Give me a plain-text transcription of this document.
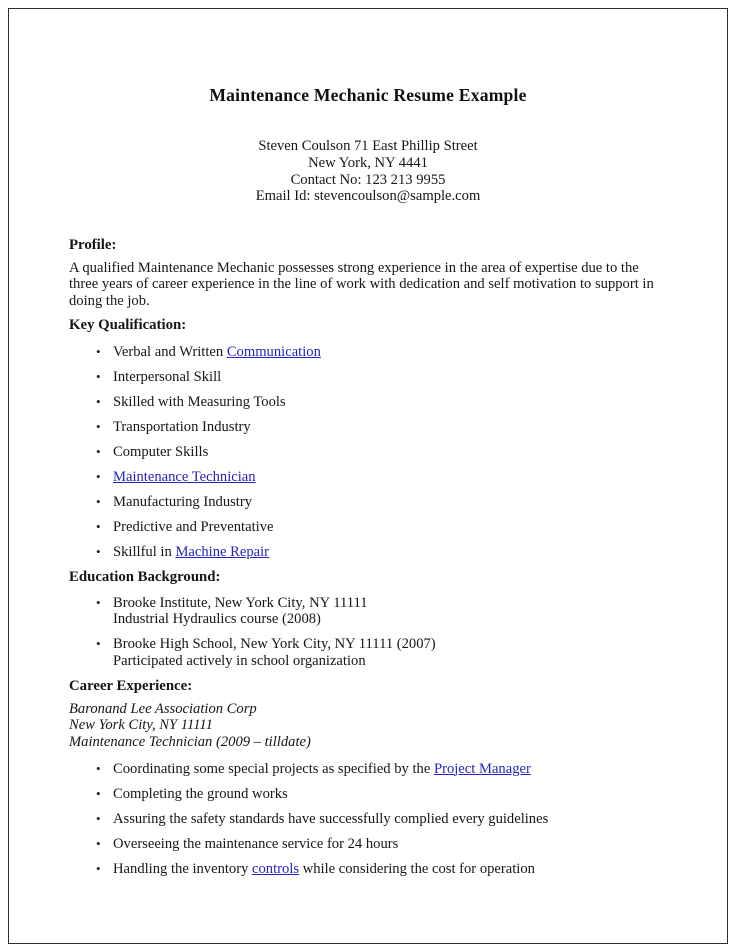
Maintenance Mechanic Resume Example
Steven Coulson 71 East Phillip Street
New York, NY 4441
Contact No: 123 213 9955
Email Id: stevencoulson@sample.com
Profile:
A qualified Maintenance Mechanic possesses strong experience in the area of expertise due to the three years of career experience in the line of work with dedication and self motivation to support in doing the job.
Key Qualification:
• Verbal and Written Communication
• Interpersonal Skill
• Skilled with Measuring Tools
• Transportation Industry
• Computer Skills
• Maintenance Technician
• Manufacturing Industry
• Predictive and Preventative
• Skillful in Machine Repair
Education Background:
• Brooke Institute, New York City, NY 11111
Industrial Hydraulics course (2008)
• Brooke High School, New York City, NY 11111 (2007)
Participated actively in school organization
Career Experience:
Baronand Lee Association Corp
New York City, NY 11111
Maintenance Technician (2009 – tilldate)
• Coordinating some special projects as specified by the Project Manager
• Completing the ground works
• Assuring the safety standards have successfully complied every guidelines
• Overseeing the maintenance service for 24 hours
• Handling the inventory controls while considering the cost for operation
